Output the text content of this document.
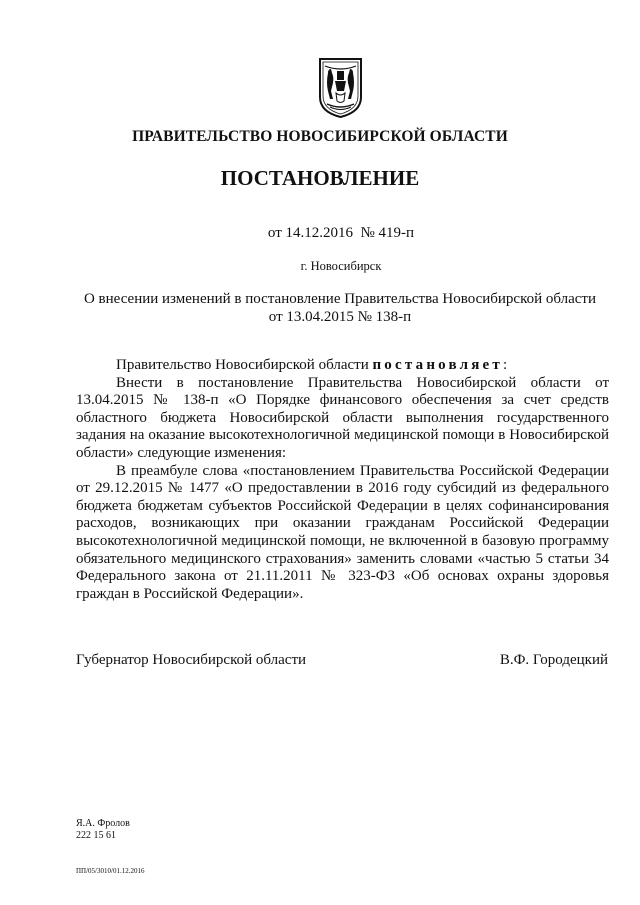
ПРАВИТЕЛЬСТВО НОВОСИБИРСКОЙ ОБЛАСТИ
ПОСТАНОВЛЕНИЕ
от 14.12.2016  № 419-п
г. Новосибирск
О внесении изменений в постановление Правительства Новосибирской области
от 13.04.2015 № 138-п

Правительство Новосибирской области постановляет:

Внести в постановление Правительства Новосибирской области от 13.04.2015 № 138-п «О Порядке финансового обеспечения за счет средств областного бюджета Новосибирской области выполнения государственного задания на оказание высокотехнологичной медицинской помощи в Новосибирской области» следующие изменения:

В преамбуле слова «постановлением Правительства Российской Федерации от 29.12.2015 № 1477 «О предоставлении в 2016 году субсидий из федерального бюджета бюджетам субъектов Российской Федерации в целях софинансирования расходов, возникающих при оказании гражданам Российской Федерации высокотехнологичной медицинской помощи, не включенной в базовую программу обязательного медицинского страхования» заменить словами «частью 5 статьи 34 Федерального закона от 21.11.2011 № 323-ФЗ «Об основах охраны здоровья граждан в Российской Федерации».

Губернатор Новосибирской области	В.Ф. Городецкий
Я.А. Фролов
222 15 61
ПП/05/3010/01.12.2016
